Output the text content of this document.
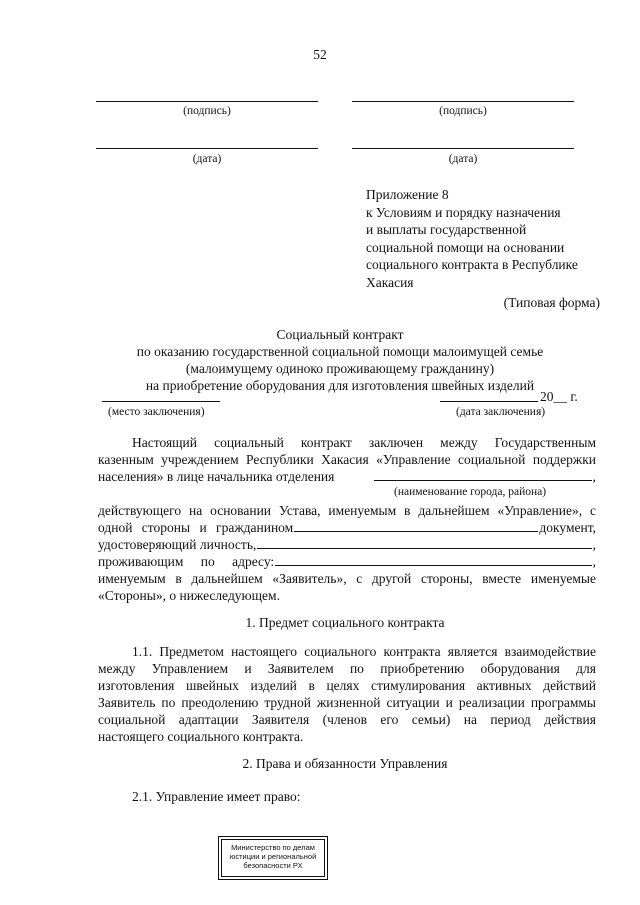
52
(подпись)	(подпись)
(дата)	(дата)
Приложение 8
к Условиям и порядку назначения
и выплаты государственной
социальной помощи на основании
социального контракта в Республике
Хакасия
(Типовая форма)
Социальный контракт
по оказанию государственной социальной помощи малоимущей семье
(малоимущему одиноко проживающему гражданину)
на приобретение оборудования для изготовления швейных изделий
20__ г.
(место заключения)	(дата заключения)
Настоящий социальный контракт заключен между Государственным
казенным учреждением Республики Хакасия «Управление социальной поддержки
населения» в лице начальника отделения	,
(наименование города, района)
действующего на основании Устава, именуемым в дальнейшем «Управление», с
одной стороны и гражданином	документ,
удостоверяющий личность,	,
проживающим по адресу:	,
именуемым в дальнейшем «Заявитель», с другой стороны, вместе именуемые
«Стороны», о нижеследующем.
1. Предмет социального контракта
1.1. Предметом настоящего социального контракта является взаимодействие
между Управлением и Заявителем по приобретению оборудования для
изготовления швейных изделий в целях стимулирования активных действий
Заявитель по преодолению трудной жизненной ситуации и реализации программы
социальной адаптации Заявителя (членов его семьи) на период действия
настоящего социального контракта.
2. Права и обязанности Управления
2.1. Управление имеет право:
Министерство по делам
юстиции и региональной
безопасности РХ
